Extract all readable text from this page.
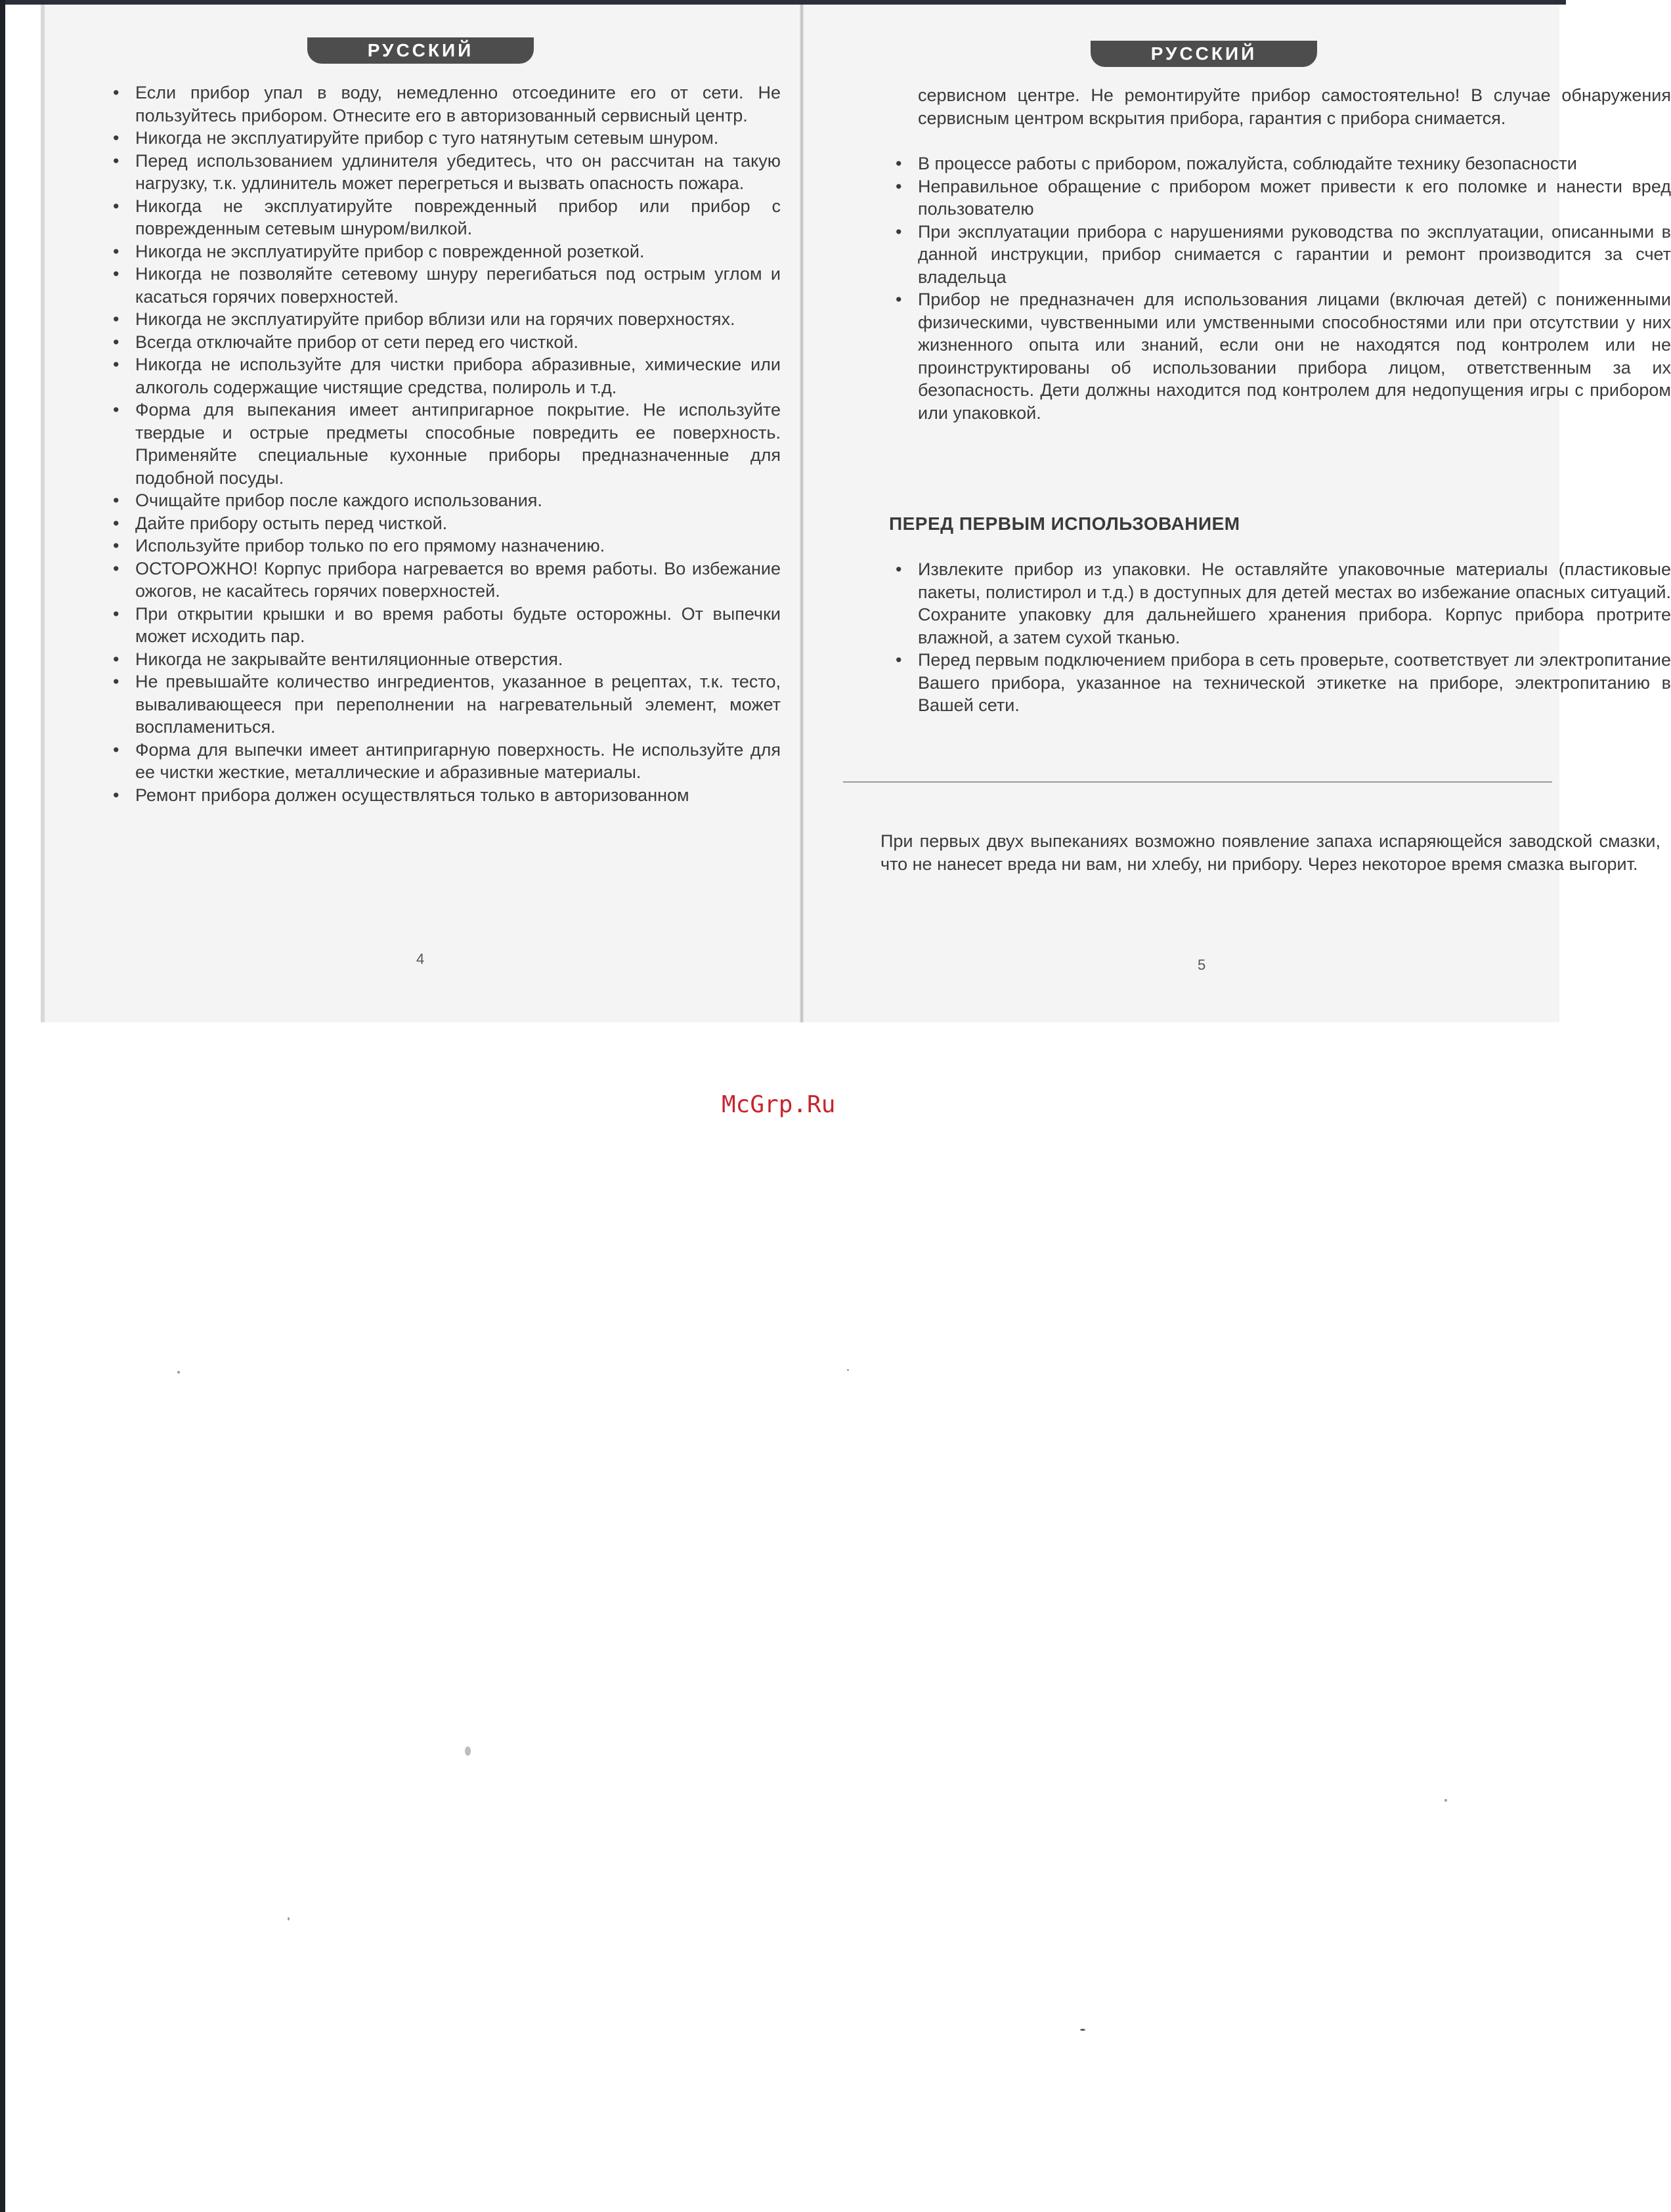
РУССКИЙ
• Если прибор упал в воду, немедленно отсоедините его от сети. Не пользуйтесь прибором. Отнесите его в авторизованный сервисный центр.
• Никогда не эксплуатируйте прибор с туго натянутым сетевым шнуром.
• Перед использованием удлинителя убедитесь, что он рассчитан на такую нагрузку, т.к. удлинитель может перегреться и вызвать опасность пожара.
• Никогда не эксплуатируйте поврежденный прибор или прибор с поврежденным сетевым шнуром/вилкой.
• Никогда не эксплуатируйте прибор с поврежденной розеткой.
• Никогда не позволяйте сетевому шнуру перегибаться под острым углом и касаться горячих поверхностей.
• Никогда не эксплуатируйте прибор вблизи или на горячих поверхностях.
• Всегда отключайте прибор от сети перед его чисткой.
• Никогда не используйте для чистки прибора абразивные, химические или алкоголь содержащие чистящие средства, полироль и т.д.
• Форма для выпекания имеет антипригарное покрытие. Не используйте твердые и острые предметы способные повредить ее поверхность. Применяйте специальные кухонные приборы предназначенные для подобной посуды.
• Очищайте прибор после каждого использования.
• Дайте прибору остыть перед чисткой.
• Используйте прибор только по его прямому назначению.
• ОСТОРОЖНО! Корпус прибора нагревается во время работы. Во избежание ожогов, не касайтесь горячих поверхностей.
• При открытии крышки и во время работы будьте осторожны. От выпечки может исходить пар.
• Никогда не закрывайте вентиляционные отверстия.
• Не превышайте количество ингредиентов, указанное в рецептах, т.к. тесто, вываливающееся при переполнении на нагревательный элемент, может воспламениться.
• Форма для выпечки имеет антипригарную поверхность. Не используйте для ее чистки жесткие, металлические и абразивные материалы.
• Ремонт прибора должен осуществляться только в авторизованном
4
РУССКИЙ
сервисном центре. Не ремонтируйте прибор самостоятельно! В случае обнаружения сервисным центром вскрытия прибора, гарантия с прибора снимается.
• В процессе работы с прибором, пожалуйста, соблюдайте технику безопасности
• Неправильное обращение с прибором может привести к его поломке и нанести вред пользователю
• При эксплуатации прибора с нарушениями руководства по эксплуатации, описанными в данной инструкции, прибор снимается с гарантии и ремонт производится за счет владельца
• Прибор не предназначен для использования лицами (включая детей) с пониженными физическими, чувственными или умственными способностями или при отсутствии у них жизненного опыта или знаний, если они не находятся под контролем или не проинструктированы об использовании прибора лицом, ответственным за их безопасность. Дети должны находится под контролем для недопущения игры с прибором или упаковкой.
ПЕРЕД ПЕРВЫМ ИСПОЛЬЗОВАНИЕМ
• Извлеките прибор из упаковки. Не оставляйте упаковочные материалы (пластиковые пакеты, полистирол и т.д.) в доступных для детей местах во избежание опасных ситуаций. Сохраните упаковку для дальнейшего хранения прибора. Корпус прибора протрите влажной, а затем сухой тканью.
• Перед первым подключением прибора в сеть проверьте, соответствует ли электропитание Вашего прибора, указанное на технической этикетке на приборе, электропитанию в Вашей сети.
При первых двух выпеканиях возможно появление запаха испаряющейся заводской смазки, что не нанесет вреда ни вам, ни хлебу, ни прибору. Через некоторое время смазка выгорит.
5
McGrp.Ru
